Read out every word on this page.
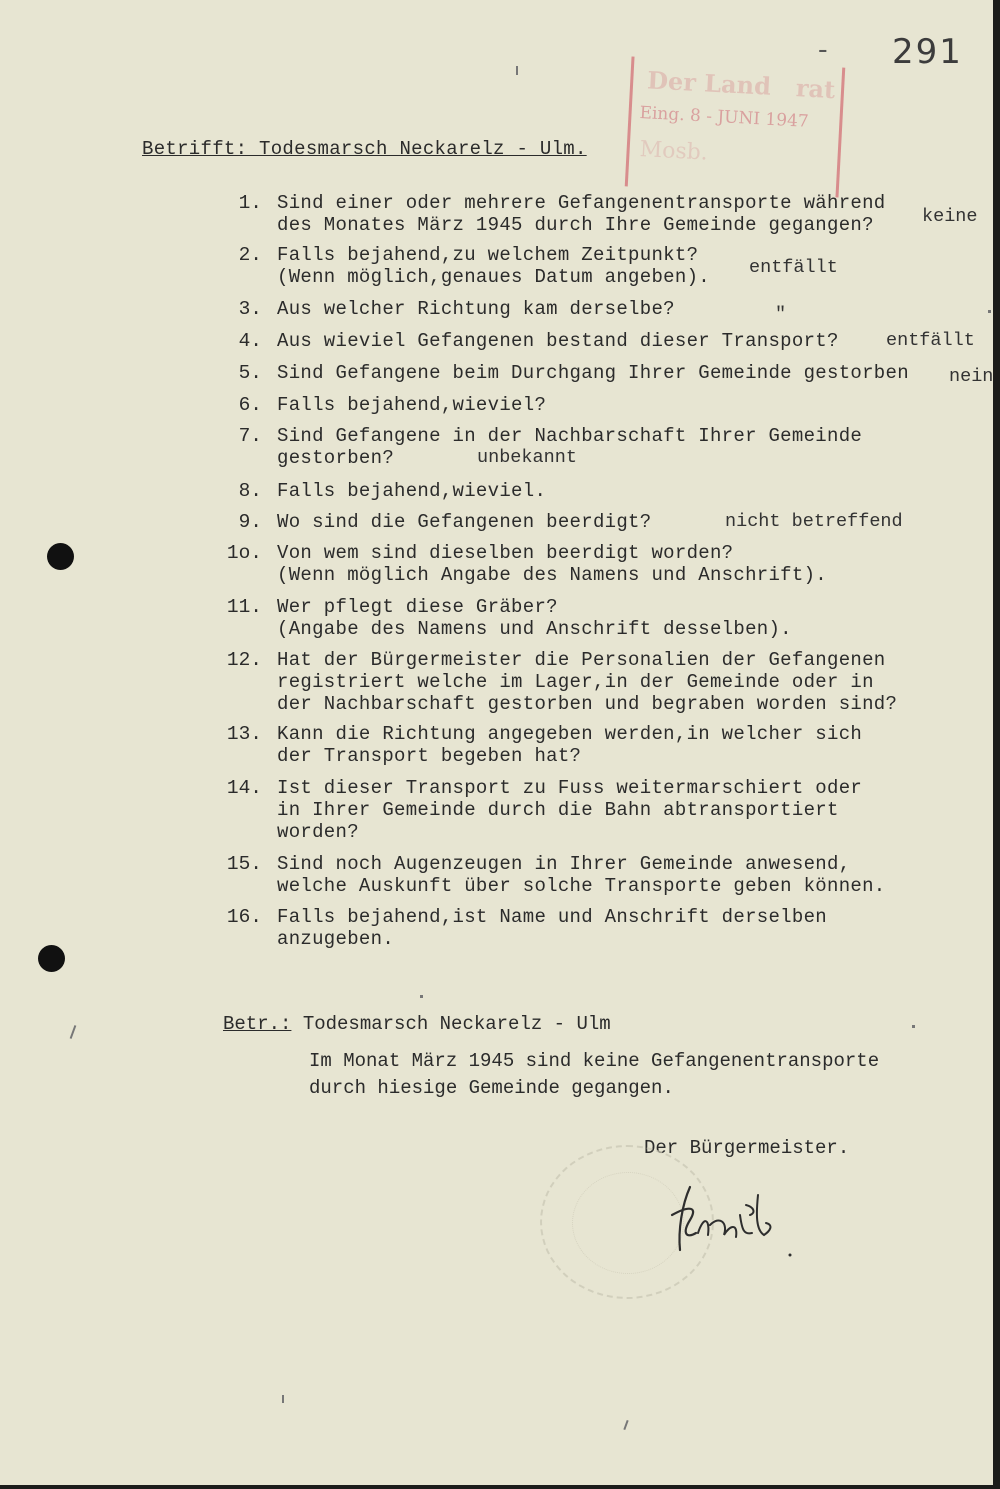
- 291
Der Land   rat
Eing. 8 - JUNI 1947
Mosb.
Betrifft: Todesmarsch Neckarelz - Ulm.
1. Sind einer oder mehrere Gefangenentransporte während
des Monates März 1945 durch Ihre Gemeinde gegangen?	keine
2. Falls bejahend,zu welchem Zeitpunkt?
(Wenn möglich,genaues Datum angeben). entfällt
3. Aus welcher Richtung kam derselbe?	"
4. Aus wieviel Gefangenen bestand dieser Transport?	entfällt
5. Sind Gefangene beim Durchgang Ihrer Gemeinde gestorben nein
6. Falls bejahend,wieviel?
7. Sind Gefangene in der Nachbarschaft Ihrer Gemeinde
gestorben?	unbekannt
8. Falls bejahend,wieviel.
9. Wo sind die Gefangenen beerdigt?	nicht betreffend
1o. Von wem sind dieselben beerdigt worden?
(Wenn möglich Angabe des Namens und Anschrift).
11. Wer pflegt diese Gräber?
(Angabe des Namens und Anschrift desselben).
12. Hat der Bürgermeister die Personalien der Gefangenen
registriert welche im Lager,in der Gemeinde oder in
der Nachbarschaft gestorben und begraben worden sind?
13. Kann die Richtung angegeben werden,in welcher sich
der Transport begeben hat?
14. Ist dieser Transport zu Fuss weitermarschiert oder
in Ihrer Gemeinde durch die Bahn abtransportiert
worden?
15. Sind noch Augenzeugen in Ihrer Gemeinde anwesend,
welche Auskunft über solche Transporte geben können.
16. Falls bejahend,ist Name und Anschrift derselben
anzugeben.
Betr.: Todesmarsch Neckarelz - Ulm
Im Monat März 1945 sind keine Gefangenentransporte
durch hiesige Gemeinde gegangen.
Der Bürgermeister.
